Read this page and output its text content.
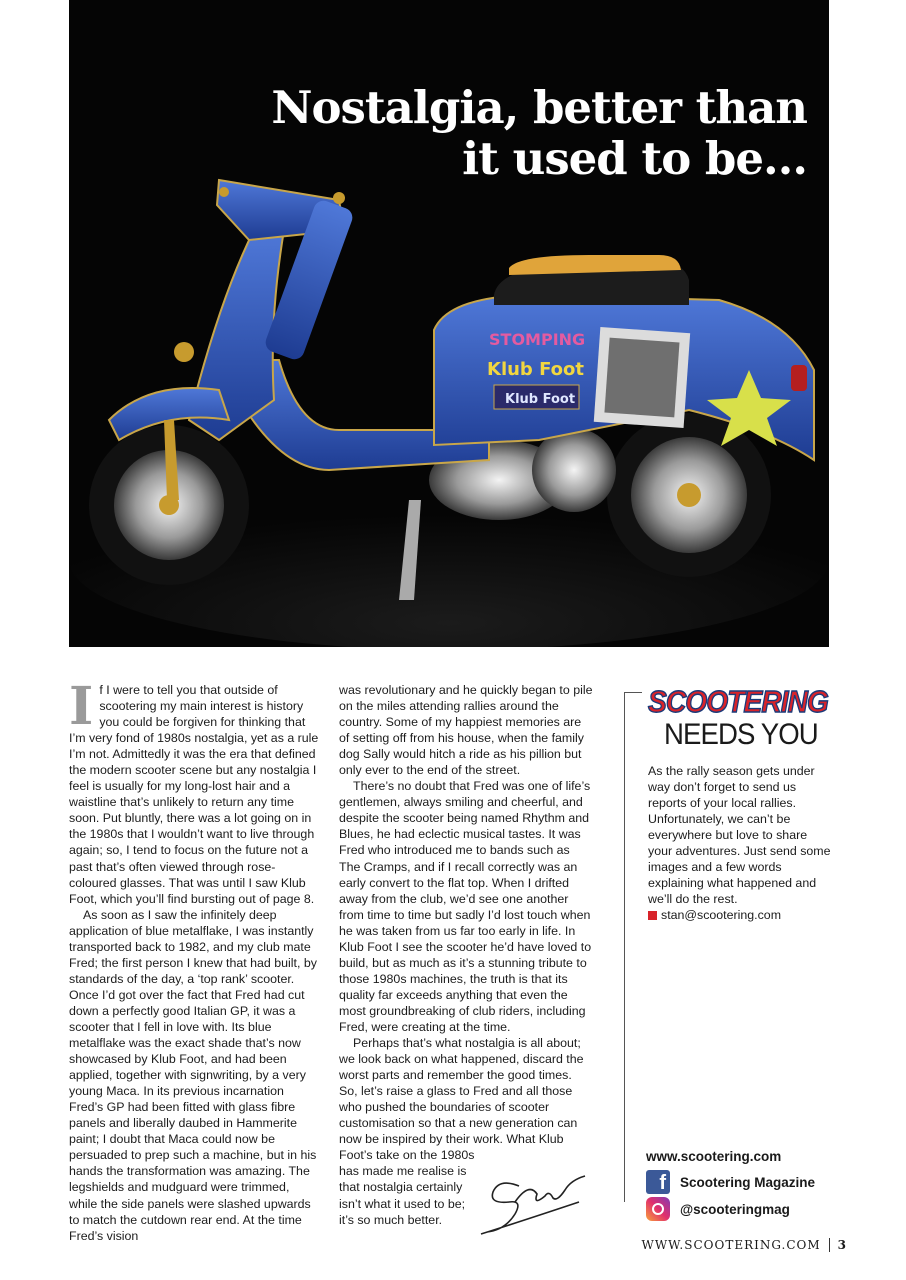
STOMPING
Klub Foot
Klub Foot
Nostalgia, better than
it used to be…

If I were to tell you that outside of scootering my main interest is history you could be forgiven for thinking that I’m very fond of 1980s nostalgia, yet as a rule I’m not. Admittedly it was the era that defined the modern scooter scene but any nostalgia I feel is usually for my long-lost hair and a waistline that’s unlikely to return any time soon. Put bluntly, there was a lot going on in the 1980s that I wouldn’t want to live through again; so, I tend to focus on the future not a past that’s often viewed through rose-coloured glasses. That was until I saw Klub Foot, which you’ll find bursting out of page 8.

As soon as I saw the infinitely deep application of blue metalflake, I was instantly transported back to 1982, and my club mate Fred; the first person I knew that had built, by standards of the day, a ‘top rank’ scooter. Once I’d got over the fact that Fred had cut down a perfectly good Italian GP, it was a scooter that I fell in love with. Its blue metalflake was the exact shade that’s now showcased by Klub Foot, and had been applied, together with signwriting, by a very young Maca. In its previous incarnation Fred’s GP had been fitted with glass fibre panels and liberally daubed in Hammerite paint; I doubt that Maca could now be persuaded to prep such a machine, but in his hands the transformation was amazing. The legshields and mudguard were trimmed, while the side panels were slashed upwards to match the cutdown rear end. At the time Fred’s vision

was revolutionary and he quickly began to pile on the miles attending rallies around the country. Some of my happiest memories are of setting off from his house, when the family dog Sally would hitch a ride as his pillion but only ever to the end of the street.

There’s no doubt that Fred was one of life’s gentlemen, always smiling and cheerful, and despite the scooter being named Rhythm and Blues, he had eclectic musical tastes. It was Fred who introduced me to bands such as The Cramps, and if I recall correctly was an early convert to the flat top. When I drifted away from the club, we’d see one another from time to time but sadly I’d lost touch when he was taken from us far too early in life. In Klub Foot I see the scooter he’d have loved to build, but as much as it’s a stunning tribute to those 1980s machines, the truth is that its quality far exceeds anything that even the most groundbreaking of club riders, including Fred, were creating at the time.

Perhaps that’s what nostalgia is all about; we look back on what happened, discard the worst parts and remember the good times. So, let’s raise a glass to Fred and all those who pushed the boundaries of scooter customisation so that a new generation can now be inspired by their work. What Klub Foot’s take on the 1980s

has made me realise is
that nostalgia certainly
isn’t what it used to be;
it’s so much better.
SCOOTERING
NEEDS YOU
As the rally season gets under way don’t forget to send us reports of your local rallies. Unfortunately, we can’t be everywhere but love to share your adventures. Just send some images and a few words explaining what happened and we’ll do the rest.
stan@scootering.com
www.scootering.com
f Scootering Magazine
@scooteringmag
WWW.SCOOTERING.COM 3
